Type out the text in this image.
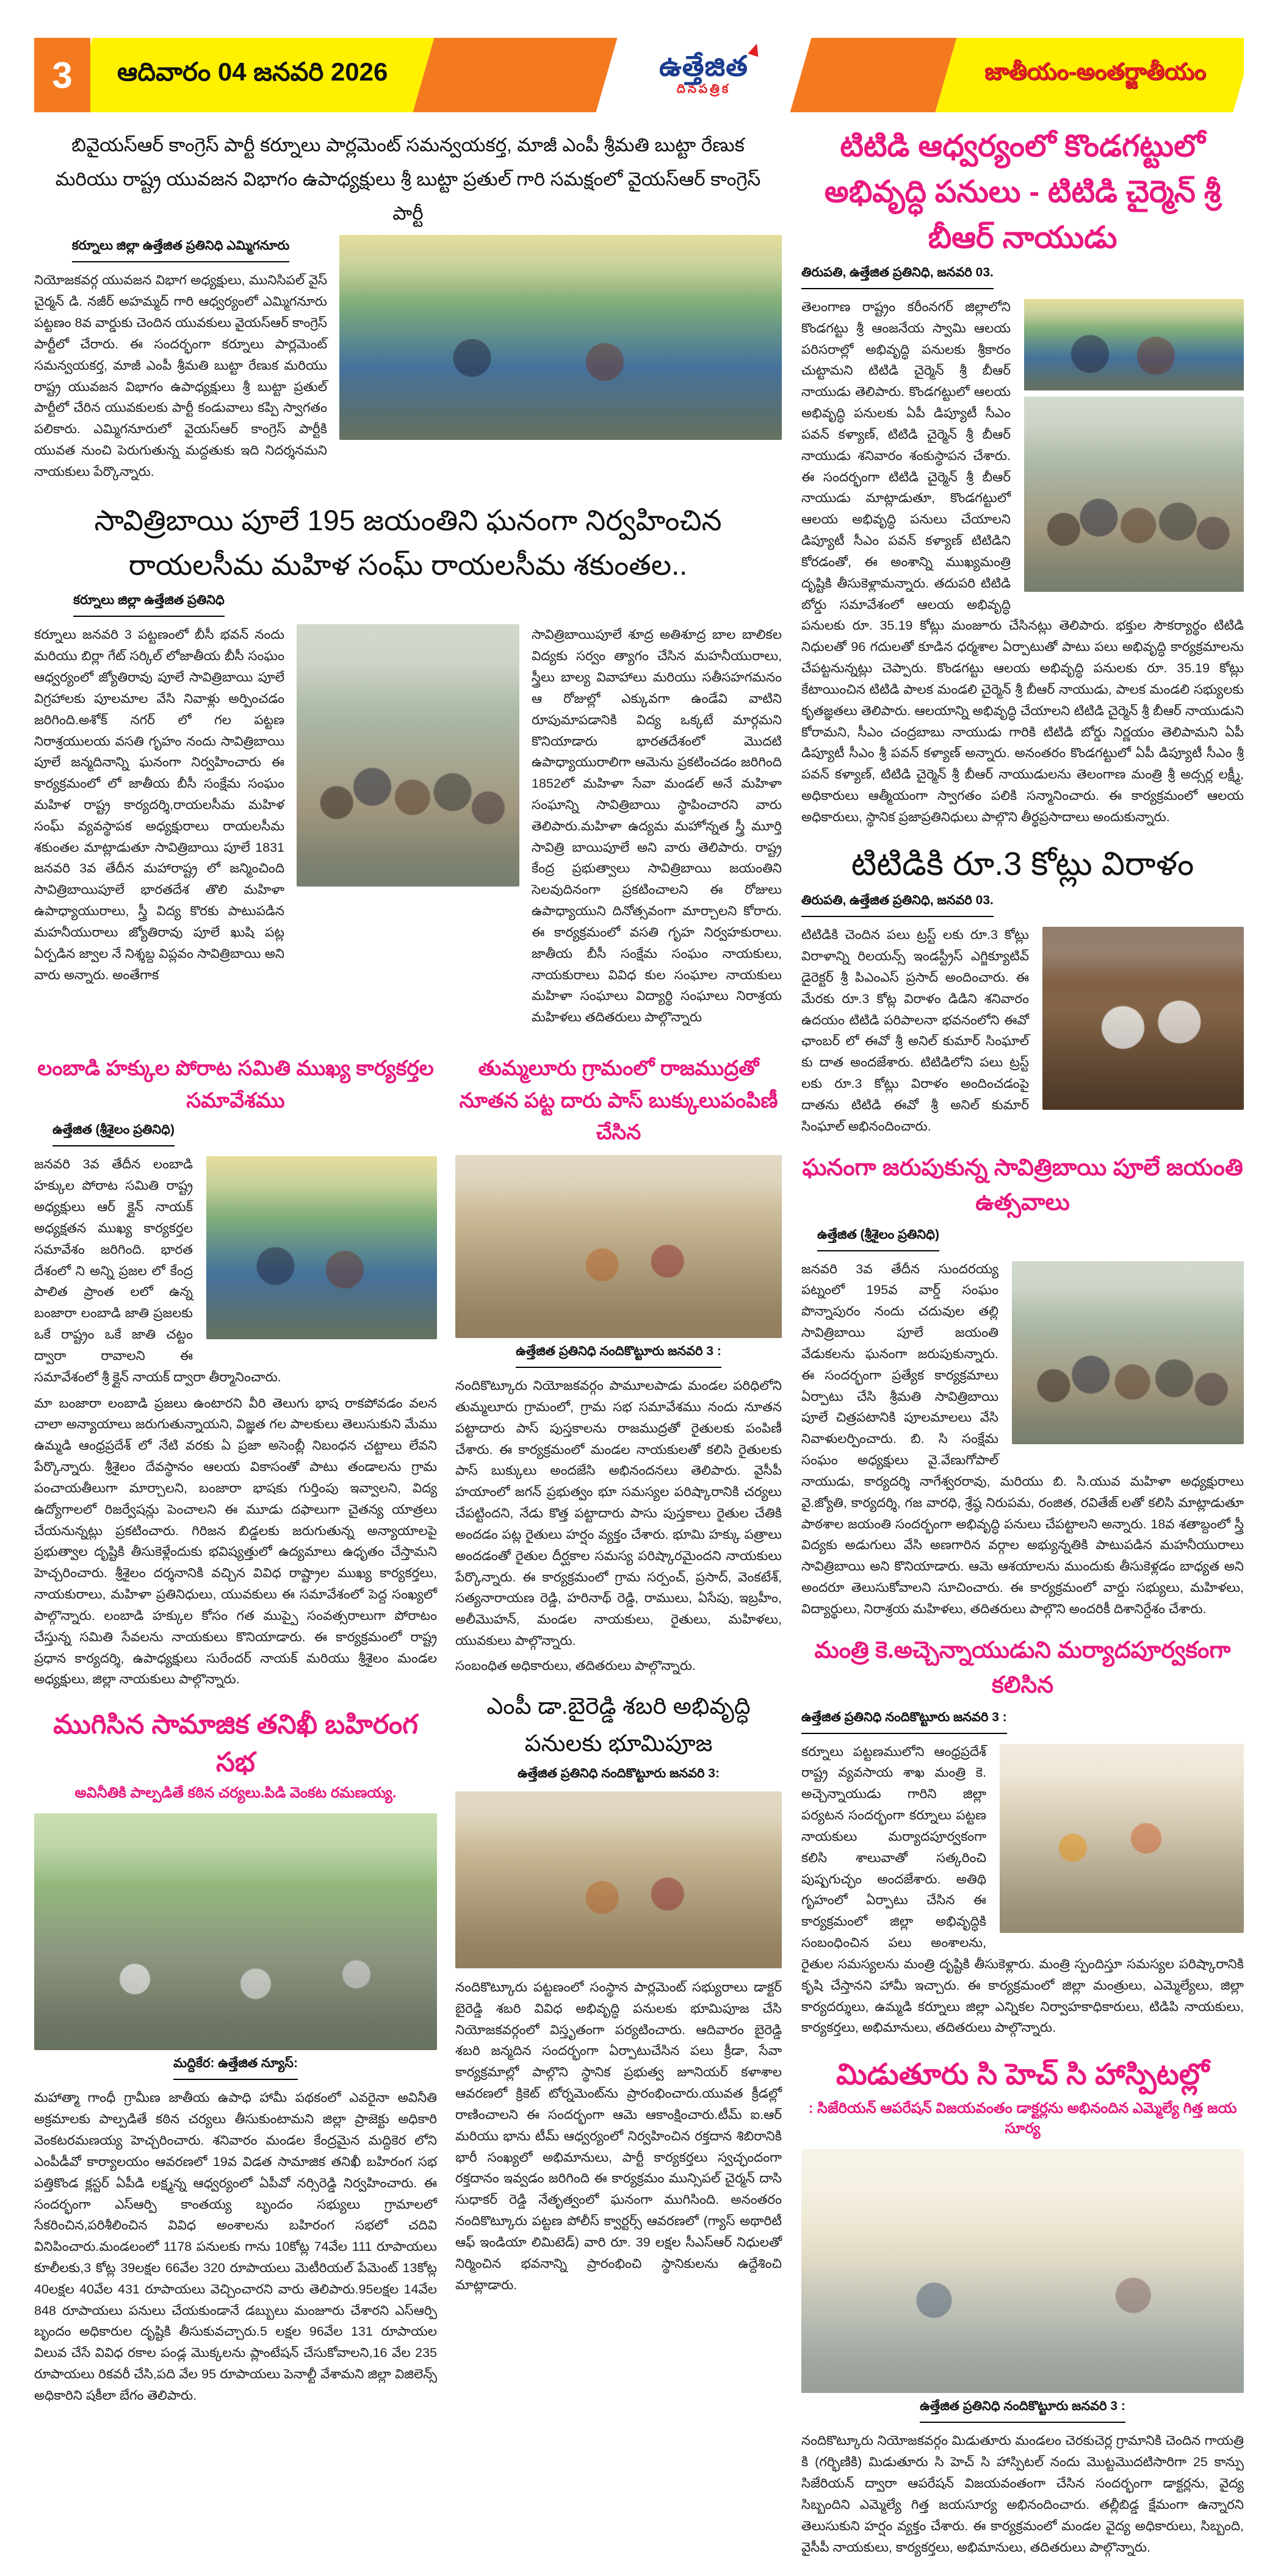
3	ఆదివారం 04 జనవరి 2026	ఉత్తేజిత
దినపత్రిక
జాతీయం-అంతర్జాతీయం
బివైయస్ఆర్ కాంగ్రెస్ పార్టీ కర్నూలు పార్లమెంట్ సమన్వయకర్త, మాజీ ఎంపీ శ్రీమతి బుట్టా రేణుక మరియు రాష్ట్ర యువజన విభాగం ఉపాధ్యక్షులు శ్రీ బుట్టా ప్రతుల్ గారి సమక్షంలో వైయస్ఆర్ కాంగ్రెస్ పార్టీ
కర్నూలు జిల్లా ఉత్తేజిత ప్రతినిధి ఎమ్మిగనూరు

నియోజకవర్గ యువజన విభాగ అధ్యక్షులు, మునిసిపల్ వైస్ చైర్మన్ డి. నజీర్ అహమ్మద్ గారి ఆధ్వర్యంలో ఎమ్మిగనూరు పట్టణం 8వ వార్డుకు చెందిన యువకులు వైయస్ఆర్ కాంగ్రెస్ పార్టీలో చేరారు. ఈ సందర్భంగా కర్నూలు పార్లమెంట్ సమన్వయకర్త, మాజీ ఎంపీ శ్రీమతి బుట్టా రేణుక మరియు రాష్ట్ర యువజన విభాగం ఉపాధ్యక్షులు శ్రీ బుట్టా ప్రతుల్ పార్టీలో చేరిన యువకులకు పార్టీ కండువాలు కప్పి స్వాగతం పలికారు. ఎమ్మిగనూరులో వైయస్ఆర్ కాంగ్రెస్ పార్టీకి యువత నుంచి పెరుగుతున్న మద్దతుకు ఇది నిదర్శనమని నాయకులు పేర్కొన్నారు.

సావిత్రిబాయి పూలే 195 జయంతిని ఘనంగా నిర్వహించిన రాయలసీమ మహిళ సంఘ్ రాయలసీమ శకుంతల..
కర్నూలు జిల్లా ఉత్తేజిత ప్రతినిధి

కర్నూలు జనవరి 3 పట్టణంలో బీసీ భవన్ నందు మరియు బిర్లా గేట్ సర్కిల్ లోజాతీయ బీసీ సంఘం ఆధ్వర్యంలో జ్యోతిరావు పూలే సావిత్రిబాయి పూలే విగ్రహాలకు పూలమాల వేసి నివాళ్లు అర్పించడం జరిగింది.అశోక్ నగర్ లో గల పట్టణ నిరాశ్రయులయ వసతి గృహం నందు సావిత్రిబాయి పూలే జన్మదినాన్ని ఘనంగా నిర్వహించారు ఈ కార్యక్రమంలో లో జాతీయ బీసీ సంక్షేమ సంఘం మహిళ రాష్ట్ర కార్యదర్శి,రాయలసీమ మహిళ సంఘ్ వ్యవస్థాపక అధ్యక్షురాలు రాయలసీమ శకుంతల మాట్లాడుతూ సావిత్రిబాయి పూలే 1831 జనవరి 3వ తేదీన మహారాష్ట్ర లో జన్మించింది సావిత్రిబాయిపూలే భారతదేశ తొలి మహిళా ఉపాధ్యాయురాలు, స్త్రీ విద్య కొరకు పాటుపడిన మహనీయురాలు జ్యోతిరావు పూలే ఖుషి పట్ల ఏర్పడిన జ్వాల నే నిశ్శబ్ద విప్లవం సావిత్రిబాయి అని వారు అన్నారు. అంతేగాక

సావిత్రిబాయిపూలే శూద్ర అతిశూద్ర బాల బాలికల విద్యకు సర్వం త్యాగం చేసిన మహనీయురాలు, స్త్రీలు బాల్య వివాహాలు మరియు సతీసహగమనం ఆ రోజుల్లో ఎక్కువగా ఉండేవి వాటిని రూపుమాపడానికి విద్య ఒక్కటే మార్గమని కొనియాడారు భారతదేశంలో మొదటి ఉపాధ్యాయురాలిగా ఆమెను ప్రకటించడం జరిగింది 1852లో మహిళా సేవా మండల్ అనే మహిళా సంఘాన్ని సావిత్రిబాయి స్థాపించారని వారు తెలిపారు.మహిళా ఉద్యమ మహోన్నత స్త్రీ మూర్తి సావిత్రి బాయిపూలే అని వారు తెలిపారు. రాష్ట్ర కేంద్ర ప్రభుత్వాలు సావిత్రిబాయి జయంతిని సెలవుదినంగా ప్రకటించాలని ఈ రోజులు ఉపాధ్యాయుని దినోత్సవంగా మార్చాలని కోరారు. ఈ కార్యక్రమంలో వసతి గృహ నిర్వహకురాలు. జాతీయ బీసీ సంక్షేమ సంఘం నాయకులు, నాయకురాలు వివిధ కుల సంఘాల నాయకులు మహిళా సంఘాలు విద్యార్థి సంఘాలు నిరాశ్రయ మహిళలు తదితరులు పాల్గొన్నారు

లంబాడి హక్కుల పోరాట సమితి ముఖ్య కార్యకర్తల సమావేశము
ఉత్తేజిత (శ్రీశైలం ప్రతినిధి)

జనవరి 3వ తేదీన లంబాడి హక్కుల పోరాట సమితి రాష్ట్ర అధ్యక్షులు ఆర్ క్లైన్ నాయక్ అధ్యక్షతన ముఖ్య కార్యకర్తల సమావేశం జరిగింది. భారత దేశంలో ని అన్ని ప్రజల లో కేంద్ర పాలిత ప్రాంత లలో ఉన్న బంజారా లంబాడి జాతి ప్రజలకు ఒకే రాష్ట్రం ఒకే జాతి చట్టం ద్వారా రావాలని ఈ సమావేశంలో శ్రీ క్లైన్ నాయక్ ద్వారా తీర్మానించారు.

మా బంజారా లంబాడి ప్రజలు ఉంటారని వీరి తెలుగు భాష రాకపోవడం వలన చాలా అన్యాయాలు జరుగుతున్నాయని, విజ్ఞత గల పాలకులు తెలుసుకుని మేము ఉమ్మడి ఆంధ్రప్రదేశ్ లో నేటి వరకు ఏ ప్రజా అసెంబ్లీ నిబంధన చట్టాలు లేవని పేర్కొన్నారు. శ్రీశైలం దేవస్థానం ఆలయ వికాసంతో పాటు తండాలను గ్రామ పంచాయతీలుగా మార్చాలని, బంజారా భాషకు గుర్తింపు ఇవ్వాలని, విద్య ఉద్యోగాలలో రిజర్వేషన్లు పెంచాలని ఈ మూడు దఫాలుగా చైతన్య యాత్రలు చేయనున్నట్లు ప్రకటించారు. గిరిజన బిడ్డలకు జరుగుతున్న అన్యాయాలపై ప్రభుత్వాల దృష్టికి తీసుకెళ్లేందుకు భవిష్యత్తులో ఉద్యమాలు ఉధృతం చేస్తామని హెచ్చరించారు. శ్రీశైలం దర్శనానికి వచ్చిన వివిధ రాష్ట్రాల ముఖ్య కార్యకర్తలు, నాయకురాలు, మహిళా ప్రతినిధులు, యువకులు ఈ సమావేశంలో పెద్ద సంఖ్యలో పాల్గొన్నారు. లంబాడి హక్కుల కోసం గత ముప్పై సంవత్సరాలుగా పోరాటం చేస్తున్న సమితి సేవలను నాయకులు కొనియాడారు. ఈ కార్యక్రమంలో రాష్ట్ర ప్రధాన కార్యదర్శి, ఉపాధ్యక్షులు సురేందర్ నాయక్ మరియు శ్రీశైలం మండల అధ్యక్షులు, జిల్లా నాయకులు పాల్గొన్నారు.

ముగిసిన సామాజిక తనిఖీ బహిరంగ సభ
అవినీతికి పాల్పడితే కఠిన చర్యలు.పిడి వెంకట రమణయ్య.
మద్దికేర: ఉత్తేజిత న్యూస్:

మహాత్మా గాంధీ గ్రామీణ జాతీయ ఉపాధి హామీ పథకంలో ఎవరైనా అవినీతి అక్రమాలకు పాల్పడితే కఠిన చర్యలు తీసుకుంటామని జిల్లా ప్రాజెక్టు అధికారి వెంకటరమణయ్య హెచ్చరించారు. శనివారం మండల కేంద్రమైన మద్దికెర లోని ఎంపీడీవో కార్యాలయం ఆవరణలో 19వ విడత సామాజిక తనిఖీ బహిరంగ సభ పత్తికొండ క్లస్టర్ ఏపీడి లక్ష్మన్న ఆధ్వర్యంలో ఏపీవో నర్సిరెడ్డి నిర్వహించారు. ఈ సందర్భంగా ఎస్ఆర్పి కాంతయ్య బృందం సభ్యులు గ్రామాలలో సేకరించిన,పరిశీలించిన వివిధ అంశాలను బహిరంగ సభలో చదివి వినిపించారు.మండలంలో 1178 పనులకు గాను 10కోట్ల 74వేల 111 రూపాయలు కూలీలకు,3 కోట్ల 39లక్షల 66వేల 320 రూపాయలు మెటీరియల్ పేమెంట్ 13కోట్ల 40లక్షల 40వేల 431 రూపాయలు వెచ్చించారని వారు తెలిపారు.95లక్షల 14వేల 848 రూపాయలు పనులు చేయకుండానే డబ్బులు మంజూరు చేశారని ఎస్ఆర్పి బృందం అధికారుల దృష్టికి తీసుకువచ్చారు.5 లక్షల 96వేల 131 రూపాయల విలువ చేసే వివిధ రకాల పండ్ల మొక్కలను ప్లాంటేషన్ చేసుకోవాలని,16 వేల 235 రూపాయలు రికవరీ చేసి,పది వేల 95 రూపాయలు పెనాల్టీ వేశామని జిల్లా విజిలెన్స్ అధికారిని షకీలా బేగం తెలిపారు.

తుమ్మలూరు గ్రామంలో రాజముద్రతో నూతన పట్ట దారు పాస్ బుక్కులుపంపిణీ చేసిన
ఉత్తేజిత ప్రతినిధి నందికొట్టూరు జనవరి 3 :

నందికొట్కూరు నియోజకవర్గం పామూలపాడు మండల పరిధిలోని తుమ్మలూరు గ్రామంలో, గ్రామ సభ సమావేశము నందు నూతన పట్టాదారు పాస్ పుస్తకాలను రాజముద్రతో రైతులకు పంపిణీ చేశారు. ఈ కార్యక్రమంలో మండల నాయకులతో కలిసి రైతులకు పాస్ బుక్కులు అందజేసి అభినందనలు తెలిపారు. వైసీపీ హయాంలో జగన్ ప్రభుత్వం భూ సమస్యల పరిష్కారానికి చర్యలు చేపట్టిందని, నేడు కొత్త పట్టాదారు పాసు పుస్తకాలు రైతుల చేతికి అందడం పట్ల రైతులు హర్షం వ్యక్తం చేశారు. భూమి హక్కు పత్రాలు అందడంతో రైతుల దీర్ఘకాల సమస్య పరిష్కారమైందని నాయకులు పేర్కొన్నారు. ఈ కార్యక్రమంలో గ్రామ సర్పంచ్, ప్రసాద్, వెంకటేశ్, సత్యనారాయణ రెడ్డి, హరినాథ్ రెడ్డి, రాములు, ఏసేపు, ఇబ్రహీం, అలీమొహన్, మండల నాయకులు, రైతులు, మహిళలు, యువకులు పాల్గొన్నారు.

సంబంధిత అధికారులు, తదితరులు పాల్గొన్నారు.

ఎంపీ డా.బైరెడ్డి శబరి అభివృద్ధి పనులకు భూమిపూజ
ఉత్తేజిత ప్రతినిధి నందికొట్టూరు జనవరి 3:

నందికొట్కూరు పట్టణంలో సంస్థాన పార్లమెంట్ సభ్యురాలు డాక్టర్ బైరెడ్డి శబరి వివిధ అభివృద్ధి పనులకు భూమిపూజ చేసి నియోజకవర్గంలో విస్తృతంగా పర్యటించారు. ఆదివారం బైరెడ్డి శబరి జన్మదిన సందర్భంగా ఏర్పాటుచేసిన పలు క్రీడా, సేవా కార్యక్రమాల్లో పాల్గొని స్థానిక ప్రభుత్వ జూనియర్ కళాశాల ఆవరణలో క్రికెట్ టోర్నమెంట్‌ను ప్రారంభించారు.యువత క్రీడల్లో రాణించాలని ఈ సందర్భంగా ఆమె ఆకాంక్షించారు.టీమ్ ఐ.ఆర్ మరియు భాను టీమ్ ఆధ్వర్యంలో నిర్వహించిన రక్తదాన శిబిరానికి భారీ సంఖ్యలో అభిమానులు, పార్టీ కార్యకర్తలు స్వచ్ఛందంగా రక్తదానం ఇవ్వడం జరిగింది ఈ కార్యక్రమం మున్సిపల్ చైర్మన్ దాసి సుధాకర్ రెడ్డి నేతృత్వంలో ఘనంగా ముగిసింది. అనంతరం నందికొట్కూరు పట్టణ పోలీస్ క్వార్టర్స్ ఆవరణలో (గ్యాస్ అథారిటీ ఆఫ్ ఇండియా లిమిటెడ్) వారి రూ. 39 లక్షల సీఎస్ఆర్ నిధులతో నిర్మించిన భవనాన్ని ప్రారంభించి స్థానికులను ఉద్దేశించి మాట్లాడారు.

టిటిడి ఆధ్వర్యంలో కొండగట్టులో అభివృద్ధి పనులు - టిటిడి చైర్మెన్ శ్రీ బీఆర్ నాయుడు
తిరుపతి, ఉత్తేజిత ప్రతినిధి, జనవరి 03.

తెలంగాణ రాష్ట్రం కరీంనగర్ జిల్లాలోని కొండగట్టు శ్రీ ఆంజనేయ స్వామి ఆలయ పరిసరాల్లో అభివృద్ధి పనులకు శ్రీకారం చుట్టామని టిటిడి చైర్మెన్ శ్రీ బీఆర్ నాయుడు తెలిపారు. కొండగట్టులో ఆలయ అభివృద్ధి పనులకు ఏపీ డిప్యూటీ సీఎం పవన్ కళ్యాణ్, టిటిడి చైర్మెన్ శ్రీ బీఆర్ నాయుడు శనివారం శంకుస్థాపన చేశారు. ఈ సందర్భంగా టిటిడి చైర్మెన్ శ్రీ బీఆర్ నాయుడు మాట్లాడుతూ, కొండగట్టులో ఆలయ అభివృద్ధి పనులు చేయాలని డిప్యూటీ సీఎం పవన్ కళ్యాణ్ టిటిడిని కోరడంతో, ఈ అంశాన్ని ముఖ్యమంత్రి దృష్టికి తీసుకెళ్లామన్నారు. తదుపరి టిటిడి బోర్డు సమావేశంలో ఆలయ అభివృద్ధి పనులకు రూ. 35.19 కోట్లు మంజూరు చేసినట్లు తెలిపారు. భక్తుల సౌకర్యార్థం టిటిడి నిధులతో 96 గదులతో కూడిన ధర్మశాల ఏర్పాటుతో పాటు పలు అభివృద్ధి కార్యక్రమాలను చేపట్టనున్నట్లు చెప్పారు. కొండగట్టు ఆలయ అభివృద్ధి పనులకు రూ. 35.19 కోట్లు కేటాయించిన టిటిడి పాలక మండలి చైర్మెన్ శ్రీ బీఆర్ నాయుడు, పాలక మండలి సభ్యులకు కృతజ్ఞతలు తెలిపారు. ఆలయాన్ని అభివృద్ధి చేయాలని టిటిడి చైర్మెన్ శ్రీ బీఆర్ నాయుడుని కోరామని, సీఎం చంద్రబాబు నాయుడు గారికి టిటిడి బోర్డు నిర్ణయం తెలిపామని ఏపీ డిప్యూటీ సీఎం శ్రీ పవన్ కళ్యాణ్ అన్నారు. అనంతరం కొండగట్టులో ఏపీ డిప్యూటీ సీఎం శ్రీ పవన్ కళ్యాణ్, టిటిడి చైర్మెన్ శ్రీ బీఆర్ నాయుడులను తెలంగాణ మంత్రి శ్రీ అద్సర్ల లక్ష్మీ, అధికారులు ఆత్మీయంగా స్వాగతం పలికి సన్మానించారు. ఈ కార్యక్రమంలో ఆలయ అధికారులు, స్థానిక ప్రజాప్రతినిధులు పాల్గొని తీర్థప్రసాదాలు అందుకున్నారు.

టిటిడికి రూ.3 కోట్లు విరాళం
తిరుపతి, ఉత్తేజిత ప్రతినిధి, జనవరి 03.

టిటిడికి చెందిన పలు ట్రస్ట్ లకు రూ.3 కోట్లు విరాళాన్ని రిలయన్స్ ఇండస్ట్రీస్ ఎగ్జిక్యూటివ్ డైరెక్టర్ శ్రీ పిఎంఎస్ ప్రసాద్ అందించారు. ఈ మేరకు రూ.3 కోట్ల విరాళం డిడిని శనివారం ఉదయం టిటిడి పరిపాలనా భవనంలోని ఈవో ఛాంబర్ లో ఈవో శ్రీ అనిల్ కుమార్ సింఘాల్ కు దాత అందజేశారు. టిటిడిలోని పలు ట్రస్ట్ లకు రూ.3 కోట్లు విరాళం అందించడంపై దాతను టిటిడి ఈవో శ్రీ అనిల్ కుమార్ సింఘాల్ అభినందించారు.

ఘనంగా జరుపుకున్న సావిత్రిబాయి పూలే జయంతి ఉత్సవాలు
ఉత్తేజిత (శ్రీశైలం ప్రతినిధి)

జనవరి 3వ తేదీన సుందరయ్య పట్నంలో 195వ వార్డ్ సంఘం పొన్నాపురం నందు చదువుల తల్లి సావిత్రిబాయి పూలే జయంతి వేడుకలను ఘనంగా జరుపుకున్నారు. ఈ సందర్భంగా ప్రత్యేక కార్యక్రమాలు ఏర్పాటు చేసి శ్రీమతి సావిత్రిబాయి పూలే చిత్రపటానికి పూలమాలలు వేసి నివాళులర్పించారు. బి. సి సంక్షేమ సంఘం అధ్యక్షులు వై.వేణుగోపాల్ నాయుడు, కార్యదర్శి నాగేశ్వరరావు, మరియు బి. సి.యువ మహిళా అధ్యక్షురాలు వై.జ్యోతి, కార్యదర్శి, గజ వారధి, శ్రేష్ఠ నిరుపమ, రంజిత, రవితేజ్ లతో కలిసి మాట్లాడుతూ పాఠశాల జయంతి సందర్భంగా అభివృద్ధి పనులు చేపట్టాలని అన్నారు. 18వ శతాబ్దంలో స్త్రీ విద్యకు అడుగులు వేసి అణగారిన వర్గాల అభ్యున్నతికి పాటుపడిన మహనీయురాలు సావిత్రిబాయి అని కొనియాడారు. ఆమె ఆశయాలను ముందుకు తీసుకెళ్లడం బాధ్యత అని అందరూ తెలుసుకోవాలని సూచించారు. ఈ కార్యక్రమంలో వార్డు సభ్యులు, మహిళలు, విద్యార్థులు, నిరాశ్రయ మహిళలు, తదితరులు పాల్గొని అందరికీ దిశానిర్దేశం చేశారు.

మంత్రి కె.అచ్చెన్నాయుడుని మర్యాదపూర్వకంగా కలిసిన
ఉత్తేజిత ప్రతినిధి నందికొట్టూరు జనవరి 3 :

కర్నూలు పట్టణములోని ఆంధ్రప్రదేశ్ రాష్ట్ర వ్యవసాయ శాఖ మంత్రి కె. అచ్చెన్నాయుడు గారిని జిల్లా పర్యటన సందర్భంగా కర్నూలు పట్టణ నాయకులు మర్యాదపూర్వకంగా కలిసి శాలువాతో సత్కరించి పుష్పగుచ్ఛం అందజేశారు. అతిథి గృహంలో ఏర్పాటు చేసిన ఈ కార్యక్రమంలో జిల్లా అభివృద్ధికి సంబంధించిన పలు అంశాలను, రైతుల సమస్యలను మంత్రి దృష్టికి తీసుకెళ్లారు. మంత్రి స్పందిస్తూ సమస్యల పరిష్కారానికి కృషి చేస్తానని హామీ ఇచ్చారు. ఈ కార్యక్రమంలో జిల్లా మంత్రులు, ఎమ్మెల్యేలు, జిల్లా కార్యదర్శులు, ఉమ్మడి కర్నూలు జిల్లా ఎన్నికల నిర్వాహకాధికారులు, టిడిపి నాయకులు, కార్యకర్తలు, అభిమానులు, తదితరులు పాల్గొన్నారు.

మిడుతూరు సి హెచ్ సి హాస్పిటల్లో
: సిజేరియన్ ఆపరేషన్ విజయవంతం డాక్టర్లను అభినందిన ఎమ్మెల్యే గిత్త జయ సూర్య
ఉత్తేజిత ప్రతినిధి నందికొట్టూరు జనవరి 3 :

నందికొట్కూరు నియోజకవర్గం మిడుతూరు మండలం చెరకుచెర్ల గ్రామానికి చెందిన గాయత్రి కి (గర్భిణికి) మిడుతూరు సి హెచ్ సి హాస్పిటల్ నందు మొట్టమొదటిసారిగా 25 కాన్పు సిజేరియన్ ద్వారా ఆపరేషన్ విజయవంతంగా చేసిన సందర్భంగా డాక్టర్లను, వైద్య సిబ్బందిని ఎమ్మెల్యే గిత్త జయసూర్య అభినందించారు. తల్లీబిడ్డ క్షేమంగా ఉన్నారని తెలుసుకుని హర్షం వ్యక్తం చేశారు. ఈ కార్యక్రమంలో మండల వైద్య అధికారులు, సిబ్బంది, వైసీపీ నాయకులు, కార్యకర్తలు, అభిమానులు, తదితరులు పాల్గొన్నారు.
